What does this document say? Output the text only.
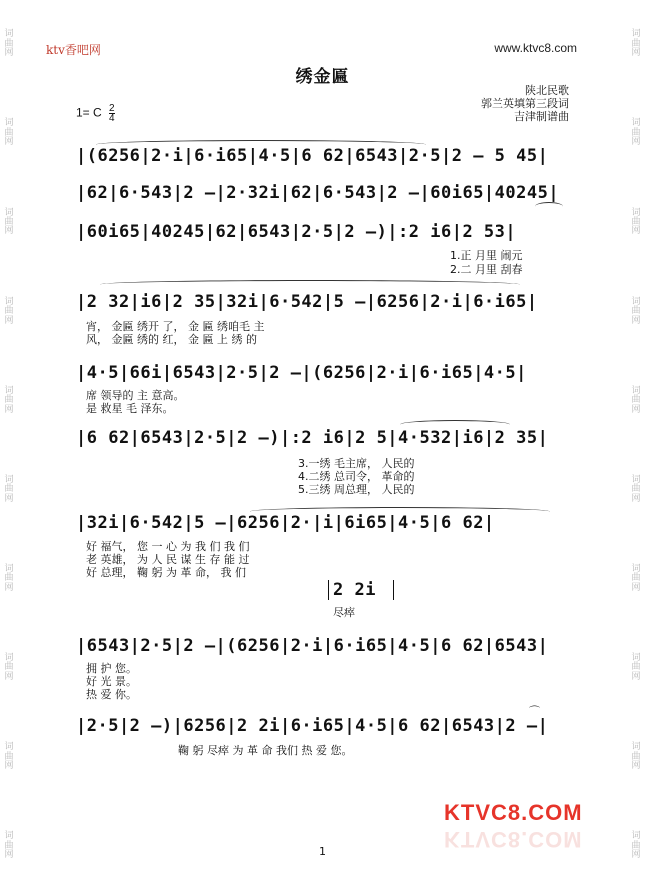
词
曲
网
词
曲
网
词
曲
网
词
曲
网
词
曲
网
词
曲
网
词
曲
网
词
曲
网
词
曲
网
词
曲
网
词
曲
网
词
曲
网
词
曲
网
词
曲
网
词
曲
网
词
曲
网
词
曲
网
词
曲
网
词
曲
网
词
曲
网
ktv香吧网	www.ktvc8.com
绣金匾
陕北民歌
郭兰英填第三段词
吉津制谱曲
1= C $\frac{2}{4}$
|(6256|2·i|6·i65|4·5|6 62|6543|2·5|2 — 5 45|
|62|6·543|2 —|2·32i|62|6·543|2 —|60i65|40245|
|60i65|40245|62|6543|2·5|2 —)|:2 i6|2 53|
1.正 月里 闹元
2.二 月里 刮春
|2 32|i6|2 35|32i|6·542|5 —|6256|2·i|6·i65|
宵， 金匾 绣开 了， 金 匾 绣咱毛 主
风， 金匾 绣的 红， 金 匾 上 绣 的
|4·5|66i|6543|2·5|2 —|(6256|2·i|6·i65|4·5|
席 领导的 主 意高。
是 救星 毛 泽东。
|6 62|6543|2·5|2 —)|:2 i6|2 5|4·532|i6|2 35|
3.一绣 毛主席， 人民的
4.二绣 总司令， 革命的
5.三绣 周总理， 人民的
|32i|6·542|5 —|6256|2·|i|6i65|4·5|6 62|
好 福气， 您 一 心 为 我 们 我 们
老 英雄， 为 人 民 谋 生 存 能 过
好 总理， 鞠 躬 为 革 命， 我 们
2 2i
尽瘁
|6543|2·5|2 —|(6256|2·i|6·i65|4·5|6 62|6543|
拥 护 您。
好 光 景。
热 爱 你。
⌒
|2·5|2 —)|6256|2 2i|6·i65|4·5|6 62|6543|2 —|
鞠 躬 尽瘁 为 革 命 我们 热 爱 您。
KTVC8.COM
KTVC8.COM
1
